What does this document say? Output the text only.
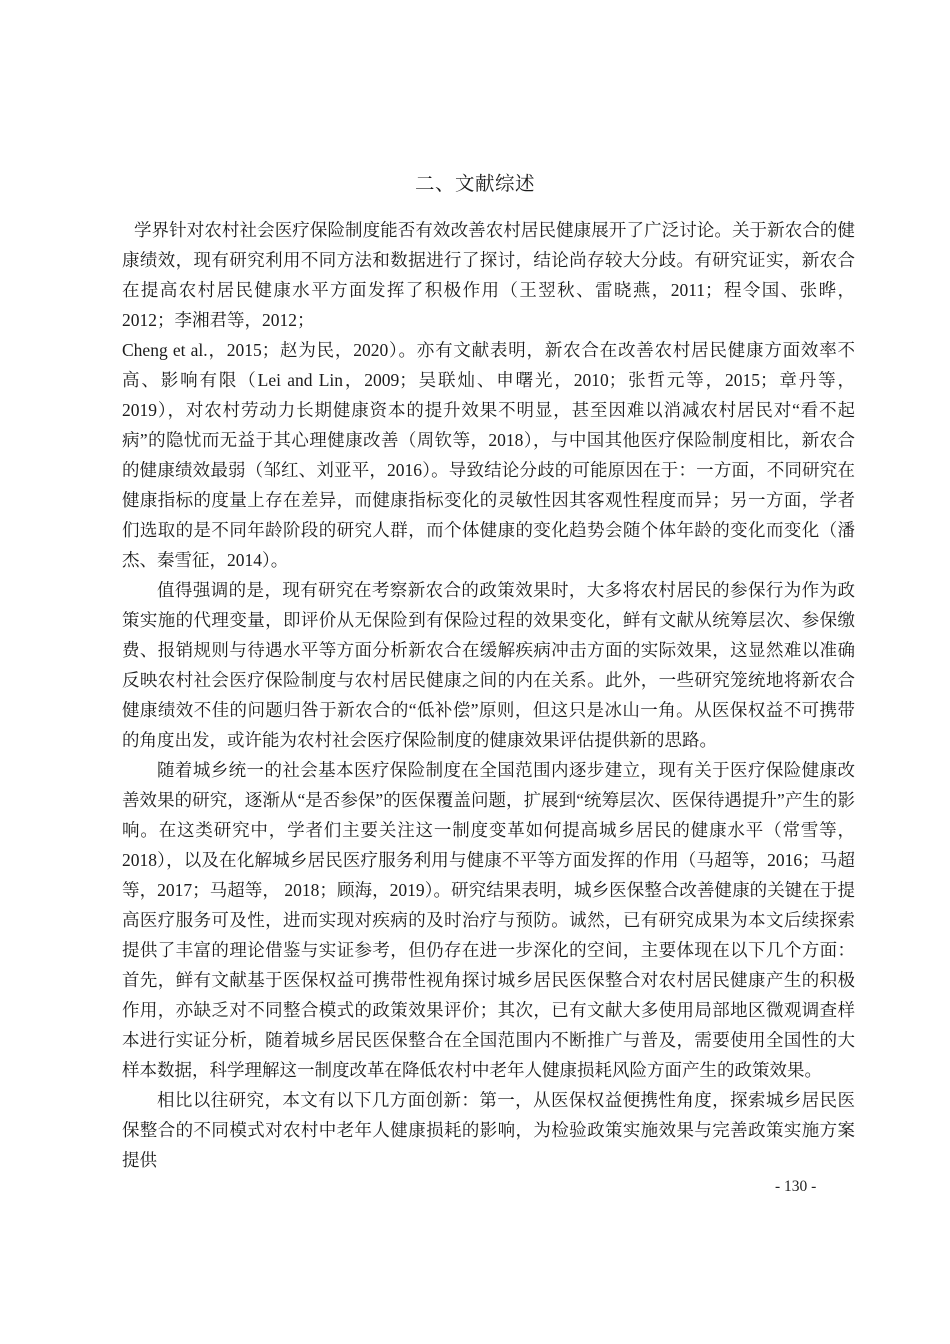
二、文献综述

学界针对农村社会医疗保险制度能否有效改善农村居民健康展开了广泛讨论。关于新农合的健康绩效，现有研究利用不同方法和数据进行了探讨，结论尚存较大分歧。有研究证实，新农合在提高农村居民健康水平方面发挥了积极作用（王翌秋、雷晓燕，2011；程令国、张晔，2012；李湘君等，2012；

Cheng et al.，2015；赵为民，2020）。亦有文献表明，新农合在改善农村居民健康方面效率不高、影响有限（Lei and Lin，2009；吴联灿、申曙光，2010；张哲元等，2015；章丹等，2019），对农村劳动力长期健康资本的提升效果不明显，甚至因难以消减农村居民对“看不起病”的隐忧而无益于其心理健康改善（周钦等，2018），与中国其他医疗保险制度相比，新农合的健康绩效最弱（邹红、刘亚平，2016）。导致结论分歧的可能原因在于：一方面，不同研究在健康指标的度量上存在差异，而健康指标变化的灵敏性因其客观性程度而异；另一方面，学者们选取的是不同年龄阶段的研究人群，而个体健康的变化趋势会随个体年龄的变化而变化（潘杰、秦雪征，2014）。

值得强调的是，现有研究在考察新农合的政策效果时，大多将农村居民的参保行为作为政策实施的代理变量，即评价从无保险到有保险过程的效果变化，鲜有文献从统筹层次、参保缴费、报销规则与待遇水平等方面分析新农合在缓解疾病冲击方面的实际效果，这显然难以准确反映农村社会医疗保险制度与农村居民健康之间的内在关系。此外，一些研究笼统地将新农合健康绩效不佳的问题归咎于新农合的“低补偿”原则，但这只是冰山一角。从医保权益不可携带的角度出发，或许能为农村社会医疗保险制度的健康效果评估提供新的思路。

随着城乡统一的社会基本医疗保险制度在全国范围内逐步建立，现有关于医疗保险健康改善效果的研究，逐渐从“是否参保”的医保覆盖问题，扩展到“统筹层次、医保待遇提升”产生的影响。在这类研究中，学者们主要关注这一制度变革如何提高城乡居民的健康水平（常雪等，2018），以及在化解城乡居民医疗服务利用与健康不平等方面发挥的作用（马超等，2016；马超等，2017；马超等， 2018；顾海，2019）。研究结果表明，城乡医保整合改善健康的关键在于提高医疗服务可及性，进而实现对疾病的及时治疗与预防。诚然，已有研究成果为本文后续探索提供了丰富的理论借鉴与实证参考，但仍存在进一步深化的空间，主要体现在以下几个方面：首先，鲜有文献基于医保权益可携带性视角探讨城乡居民医保整合对农村居民健康产生的积极作用，亦缺乏对不同整合模式的政策效果评价；其次，已有文献大多使用局部地区微观调查样本进行实证分析，随着城乡居民医保整合在全国范围内不断推广与普及，需要使用全国性的大样本数据，科学理解这一制度改革在降低农村中老年人健康损耗风险方面产生的政策效果。

相比以往研究，本文有以下几方面创新：第一，从医保权益便携性角度，探索城乡居民医保整合的不同模式对农村中老年人健康损耗的影响，为检验政策实施效果与完善政策实施方案提供

- 130 -
